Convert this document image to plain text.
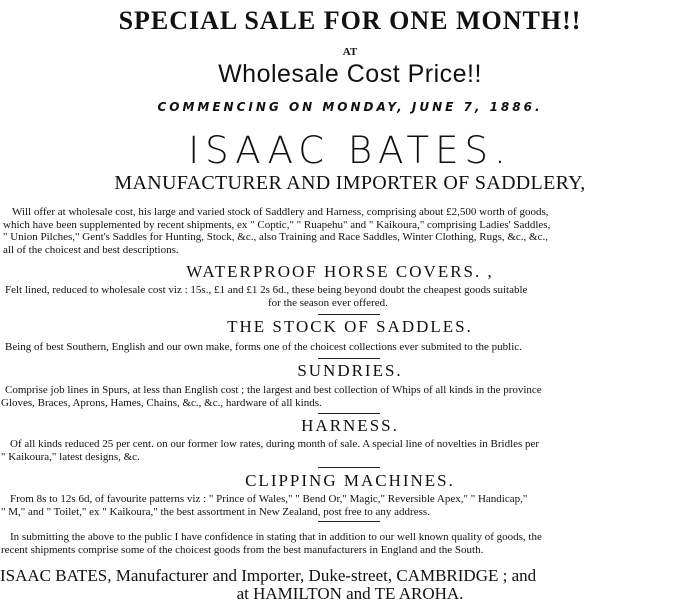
SPECIAL SALE FOR ONE MONTH!!
AT
Wholesale Cost Price!!
COMMENCING ON MONDAY, JUNE 7, 1886.
ISAAC BATES.
MANUFACTURER AND IMPORTER OF SADDLERY,
Will offer at wholesale cost, his large and varied stock of Saddlery and Harness, comprising about £2,500 worth of goods,
which have been supplemented by recent shipments, ex " Coptic," " Ruapehu" and " Kaikoura," comprising Ladies' Saddles,
" Union Pilches," Gent's Saddles for Hunting, Stock, &c., also Training and Race Saddles, Winter Clothing, Rugs, &c., &c.,
all of the choicest and best descriptions.
WATERPROOF HORSE COVERS. ,
Felt lined, reduced to wholesale cost viz : 15s., £1 and £1 2s 6d., these being beyond doubt the cheapest goods suitable
for the season ever offered.
THE STOCK OF SADDLES.
Being of best Southern, English and our own make, forms one of the choicest collections ever submited to the public.
SUNDRIES.
Comprise job lines in Spurs, at less than English cost ; the largest and best collection of Whips of all kinds in the province
Gloves, Braces, Aprons, Hames, Chains, &c., &c., hardware of all kinds.
HARNESS.
Of all kinds reduced 25 per cent. on our former low rates, during month of sale. A special line of novelties in Bridles per
" Kaikoura," latest designs, &c.
CLIPPING MACHINES.
From 8s to 12s 6d, of favourite patterns viz : " Prince of Wales," " Bend Or," Magic," Reversible Apex," " Handicap,"
" M," and " Toilet," ex " Kaikoura," the best assortment in New Zealand, post free to any address.
In submitting the above to the public I have confidence in stating that in addition to our well known quality of goods, the
recent shipments comprise some of the choicest goods from the best manufacturers in England and the South.
ISAAC BATES, Manufacturer and Importer, Duke-street, CAMBRIDGE ; and
at HAMILTON and TE AROHA.
